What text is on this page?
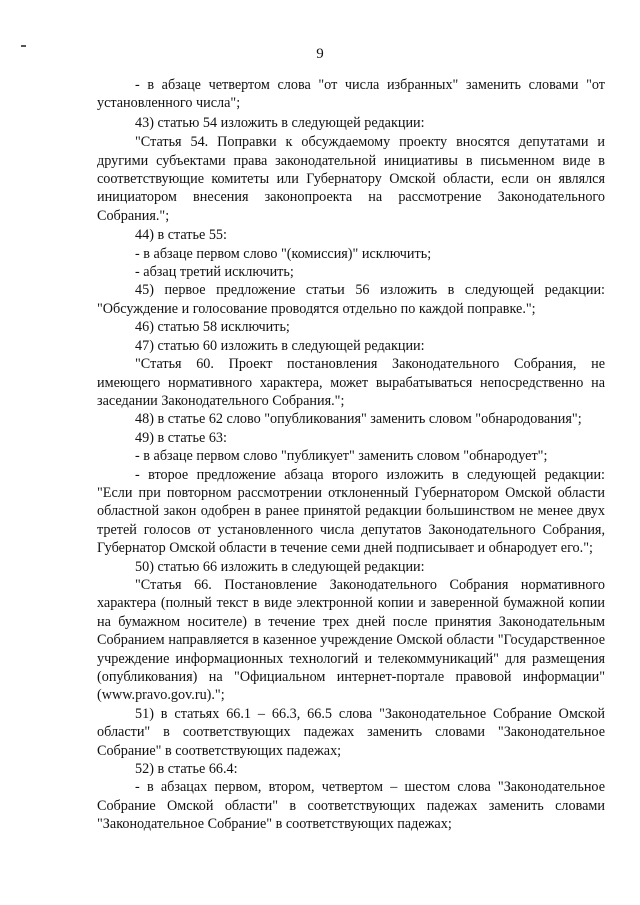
9

- в абзаце четвертом слова "от числа избранных" заменить словами "от установленного числа";

43) статью 54 изложить в следующей редакции:

"Статья 54. Поправки к обсуждаемому проекту вносятся депутатами и другими субъектами права законодательной инициативы в письменном виде в соответствующие комитеты или Губернатору Омской области, если он являлся инициатором внесения законопроекта на рассмотрение Законодательного Собрания.";

44) в статье 55:

- в абзаце первом слово "(комиссия)" исключить;

- абзац третий исключить;

45) первое предложение статьи 56 изложить в следующей редакции: "Обсуждение и голосование проводятся отдельно по каждой поправке.";

46) статью 58 исключить;

47) статью 60 изложить в следующей редакции:

"Статья 60. Проект постановления Законодательного Собрания, не имеющего нормативного характера, может вырабатываться непосредственно на заседании Законодательного Собрания.";

48) в статье 62 слово "опубликования" заменить словом "обнародования";

49) в статье 63:

- в абзаце первом слово "публикует" заменить словом "обнародует";

- второе предложение абзаца второго изложить в следующей редакции: "Если при повторном рассмотрении отклоненный Губернатором Омской области областной закон одобрен в ранее принятой редакции большинством не менее двух третей голосов от установленного числа депутатов Законодательного Собрания, Губернатор Омской области в течение семи дней подписывает и обнародует его.";

50) статью 66 изложить в следующей редакции:

"Статья 66. Постановление Законодательного Собрания нормативного характера (полный текст в виде электронной копии и заверенной бумажной копии на бумажном носителе) в течение трех дней после принятия Законодательным Собранием направляется в казенное учреждение Омской области "Государственное учреждение информационных технологий и телекоммуникаций" для размещения (опубликования) на "Официальном интернет-портале правовой информации" (www.pravo.gov.ru).";

51) в статьях 66.1 – 66.3, 66.5 слова "Законодательное Собрание Омской области" в соответствующих падежах заменить словами "Законодательное Собрание" в соответствующих падежах;

52) в статье 66.4:

- в абзацах первом, втором, четвертом – шестом слова "Законодательное Собрание Омской области" в соответствующих падежах заменить словами "Законодательное Собрание" в соответствующих падежах;
